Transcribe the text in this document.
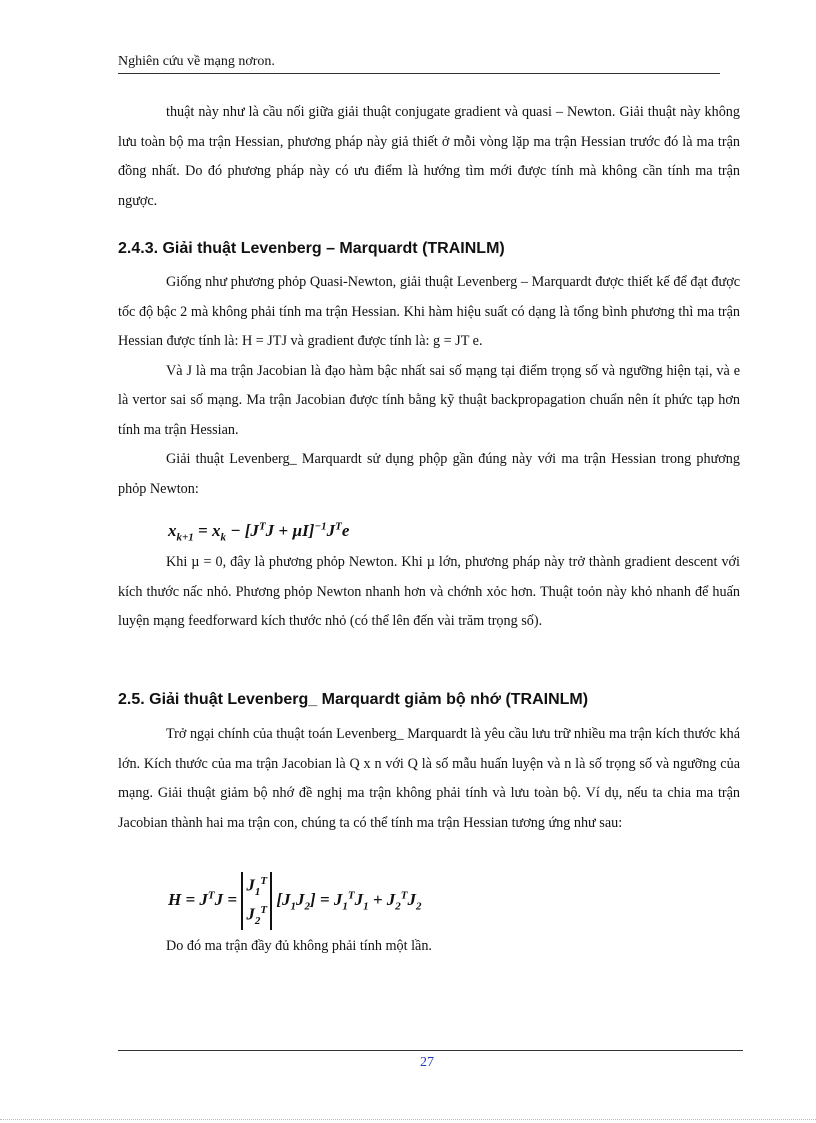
Nghiên cứu về mạng nơron.

thuật này như là cầu nối giữa giải thuật conjugate gradient và quasi – Newton. Giải thuật này không lưu toàn bộ ma trận Hessian, phương pháp này giả thiết ở mỗi vòng lặp ma trận Hessian trước đó là ma trận đồng nhất. Do đó phương pháp này có ưu điểm là hướng tìm mới được tính mà không cần tính ma trận ngược.

2.4.3. Giải thuật Levenberg – Marquardt (TRAINLM)

Giống như phương phỏp Quasi-Newton, giải thuật Levenberg – Marquardt được thiết kế để đạt được tốc độ bậc 2 mà không phải tính ma trận Hessian. Khi hàm hiệu suất có dạng là tổng bình phương thì ma trận Hessian được tính là: H = JTJ và gradient được tính là: g = JT e.

Và J là ma trận Jacobian là đạo hàm bậc nhất sai số mạng tại điểm trọng số và ngưỡng hiện tại, và e là vertor sai số mạng. Ma trận Jacobian được tính bằng kỹ thuật backpropagation chuẩn nên ít phức tạp hơn tính ma trận Hessian.

Giải thuật Levenberg_ Marquardt sử dụng phộp gần đúng này với ma trận Hessian trong phương phỏp Newton:

$x_{k+1} = x_k - [J^TJ + \mu I]^{-1}J^Te$

Khi µ = 0, đây là phương phỏp Newton. Khi µ lớn, phương pháp này trở thành gradient descent với kích thước nấc nhỏ. Phương phỏp Newton nhanh hơn và chớnh xỏc hơn. Thuật toỏn này khỏ nhanh để huấn luyện mạng feedforward kích thước nhỏ (có thể lên đến vài trăm trọng số).

2.5. Giải thuật Levenberg_ Marquardt giảm bộ nhớ (TRAINLM)

Trở ngại chính của thuật toán Levenberg_ Marquardt là yêu cầu lưu trữ nhiều ma trận kích thước khá lớn. Kích thước của ma trận Jacobian là Q x n với Q là số mẫu huấn luyện và n là số trọng số và ngưỡng của mạng. Giải thuật giảm bộ nhớ đề nghị ma trận không phải tính và lưu toàn bộ. Ví dụ, nếu ta chia ma trận Jacobian thành hai ma trận con, chúng ta có thể tính ma trận Hessian tương ứng như sau:

$H = J^TJ = J_1^T$
$J_2^T$ $[J_1J_2] = J_1^TJ_1 + J_2^TJ_2$

Do đó ma trận đầy đủ không phải tính một lần.

27
